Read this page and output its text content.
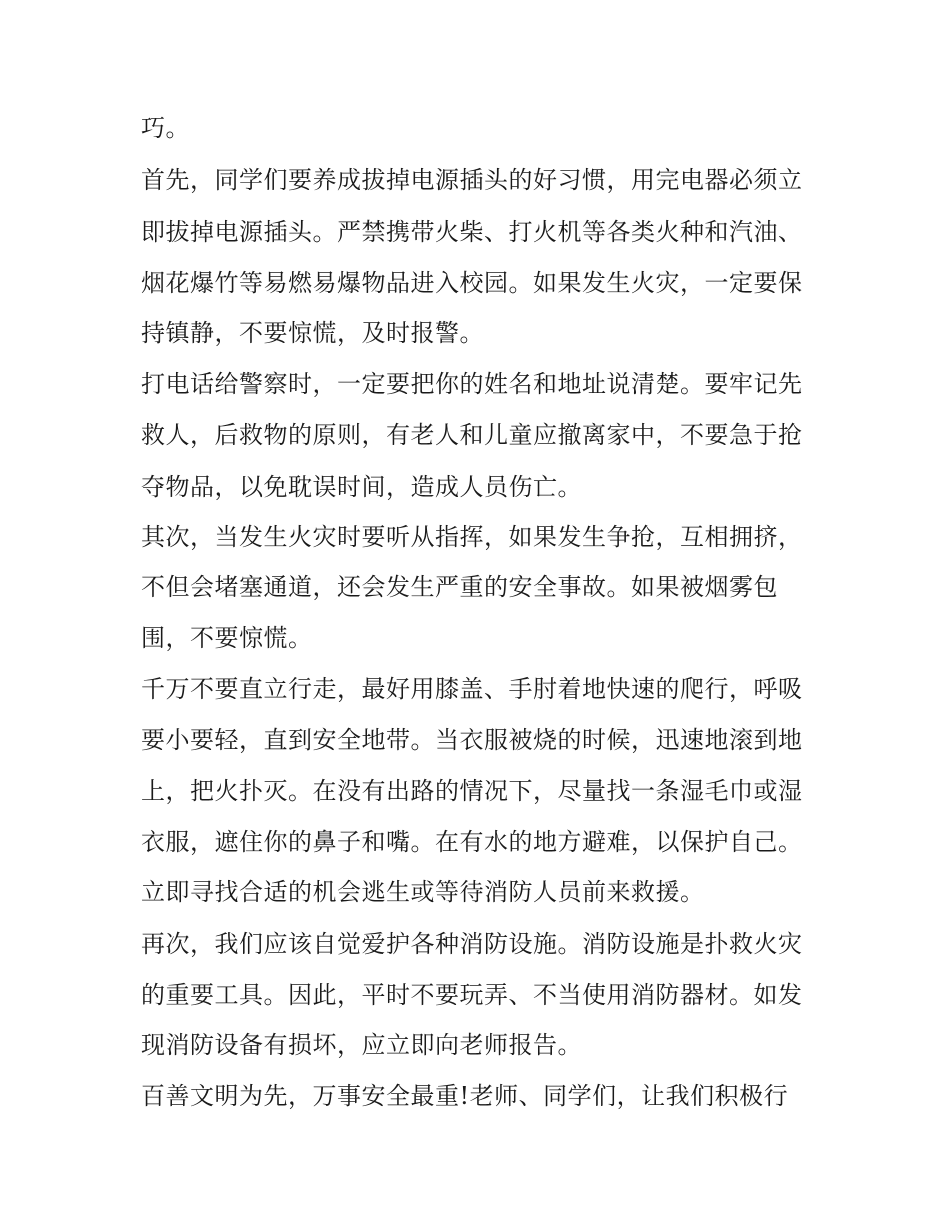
巧。

首先，同学们要养成拔掉电源插头的好习惯，用完电器必须立

即拔掉电源插头。严禁携带火柴、打火机等各类火种和汽油、

烟花爆竹等易燃易爆物品进入校园。如果发生火灾，一定要保

持镇静，不要惊慌，及时报警。

打电话给警察时，一定要把你的姓名和地址说清楚。要牢记先

救人，后救物的原则，有老人和儿童应撤离家中，不要急于抢

夺物品，以免耽误时间，造成人员伤亡。

其次，当发生火灾时要听从指挥，如果发生争抢，互相拥挤，

不但会堵塞通道，还会发生严重的安全事故。如果被烟雾包

围，不要惊慌。

千万不要直立行走，最好用膝盖、手肘着地快速的爬行，呼吸

要小要轻，直到安全地带。当衣服被烧的时候，迅速地滚到地

上，把火扑灭。在没有出路的情况下，尽量找一条湿毛巾或湿

衣服，遮住你的鼻子和嘴。在有水的地方避难，以保护自己。

立即寻找合适的机会逃生或等待消防人员前来救援。

再次，我们应该自觉爱护各种消防设施。消防设施是扑救火灾

的重要工具。因此，平时不要玩弄、不当使用消防器材。如发

现消防设备有损坏，应立即向老师报告。

百善文明为先，万事安全最重!老师、同学们，让我们积极行
